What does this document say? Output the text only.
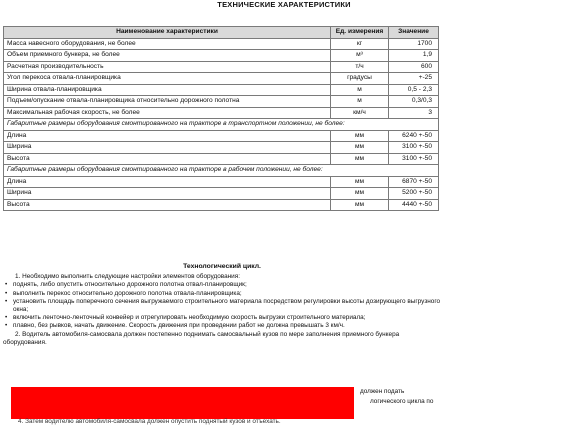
ТЕХНИЧЕСКИЕ ХАРАКТЕРИСТИКИ
Наименование характеристики	Ед. измерения	Значение
Масса навесного оборудования, не более	кг	1700
Объем приемного бункера, не более	м³	1,9
Расчетная производительность	т/ч	600
Угол перекоса отвала-планировщика	градусы	+-25
Ширина отвала-планировщика	м	0,5 - 2,3
Подъем/опускание отвала-планировщика относительно дорожного полотна	м	0,3/0,3
Максимальная рабочая скорость, не более	км/ч	3
Габаритные размеры оборудования смонтированного на тракторе в транспортном положении, не более:		
Длина	мм	6240 +-50
Ширина	мм	3100 +-50
Высота	мм	3100 +-50
Габаритные размеры оборудования смонтированного на тракторе в рабочем положении, не более:		
Длина	мм	6870 +-50
Ширина	мм	5200 +-50
Высота	мм	4440 +-50
Технологический цикл.

1. Необходимо выполнить следующие настройки элементов оборудования:

• поднять, либо опустить относительно дорожного полотна отвал-планировщик;
• выполнить перекос относительно дорожного полотна отвала-планировщика;
• установить площадь поперечного сечения выгружаемого строительного материала посредством регулировки высоты дозирующего выгрузного окна;
• включить ленточно-ленточный конвейер и отрегулировать необходимую скорость выгрузки строительного материала;
• плавно, без рывков, начать движение. Скорость движения при проведении работ не должна превышать 3 км/ч.

2. Водитель автомобиля-самосвала должен постепенно поднимать самосвальный кузов по мере заполнения приемного бункера оборудования.

должен подать
логического цикла по
4. Затем водителю автомобиля-самосвала должен опустить поднятый кузов и отъехать.
